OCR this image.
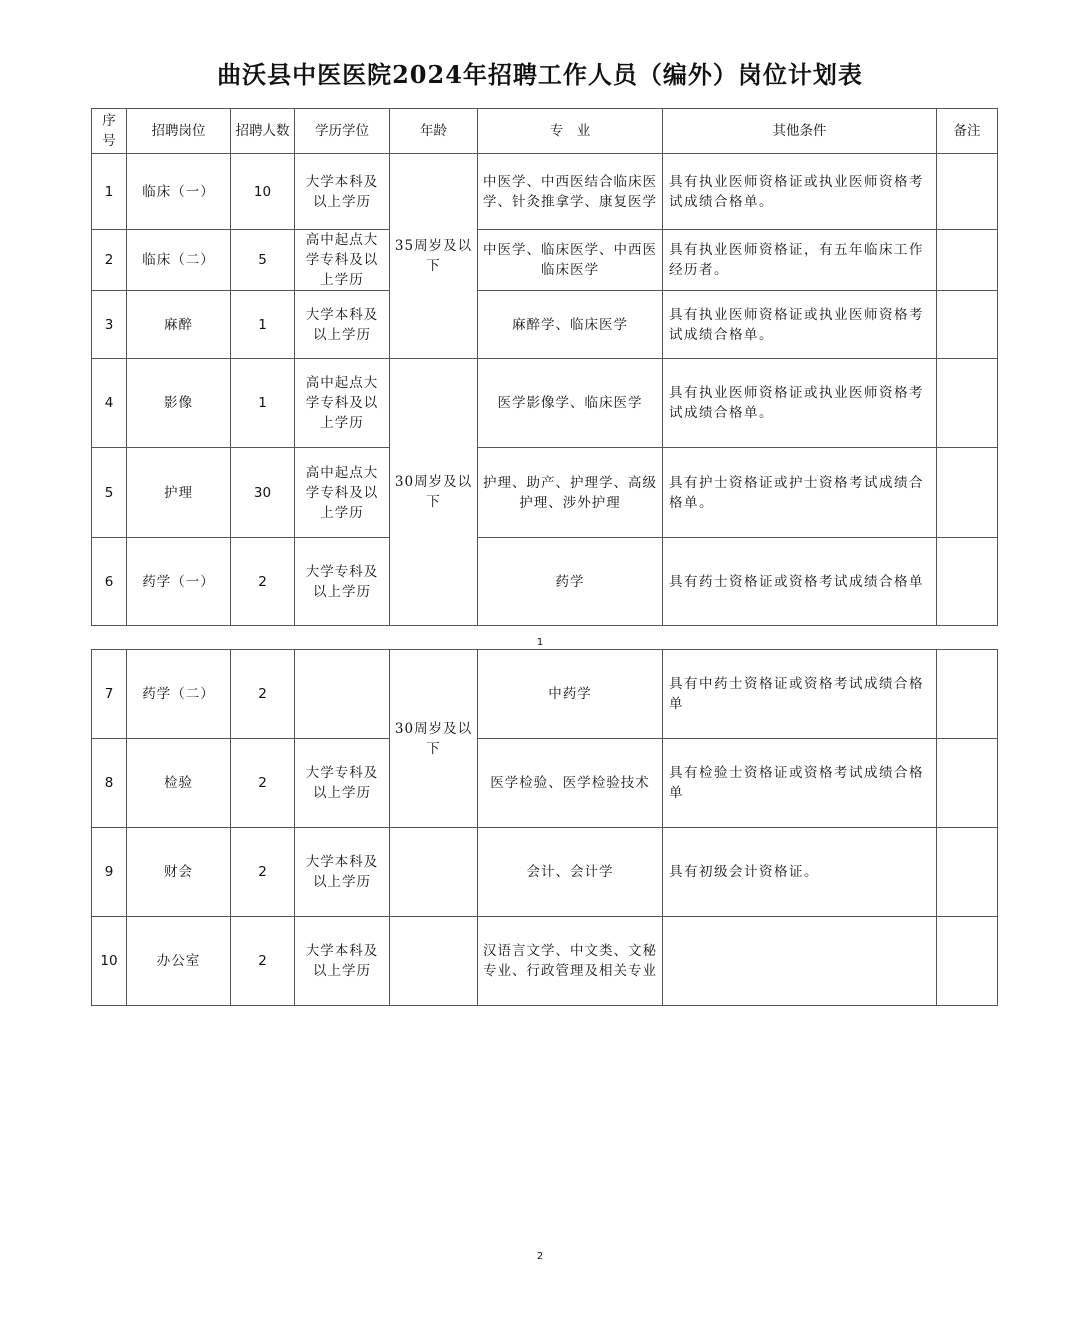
曲沃县中医医院2024年招聘工作人员（编外）岗位计划表
序号	招聘岗位	招聘人数	学历学位	年龄	专　业	其他条件	备注
1	临床（一）	10	大学本科及以上学历	35周岁及以下	中医学、中西医结合临床医学、针灸推拿学、康复医学	具有执业医师资格证或执业医师资格考试成绩合格单。	
2	临床（二）	5	高中起点大学专科及以上学历		中医学、临床医学、中西医临床医学	具有执业医师资格证，有五年临床工作经历者。	
3	麻醉	1	大学本科及以上学历		麻醉学、临床医学	具有执业医师资格证或执业医师资格考试成绩合格单。	
4	影像	1	高中起点大学专科及以上学历	30周岁及以下	医学影像学、临床医学	具有执业医师资格证或执业医师资格考试成绩合格单。	
5	护理	30	高中起点大学专科及以上学历		护理、助产、护理学、高级护理、涉外护理	具有护士资格证或护士资格考试成绩合格单。	
6	药学（一）	2	大学专科及以上学历		药学	具有药士资格证或资格考试成绩合格单	
1
7	药学（二）	2		30周岁及以下	中药学	具有中药士资格证或资格考试成绩合格单	
8	检验	2	大学专科及以上学历		医学检验、医学检验技术	具有检验士资格证或资格考试成绩合格单	
9	财会	2	大学本科及以上学历		会计、会计学	具有初级会计资格证。	
10	办公室	2	大学本科及以上学历		汉语言文学、中文类、文秘专业、行政管理及相关专业		
2
